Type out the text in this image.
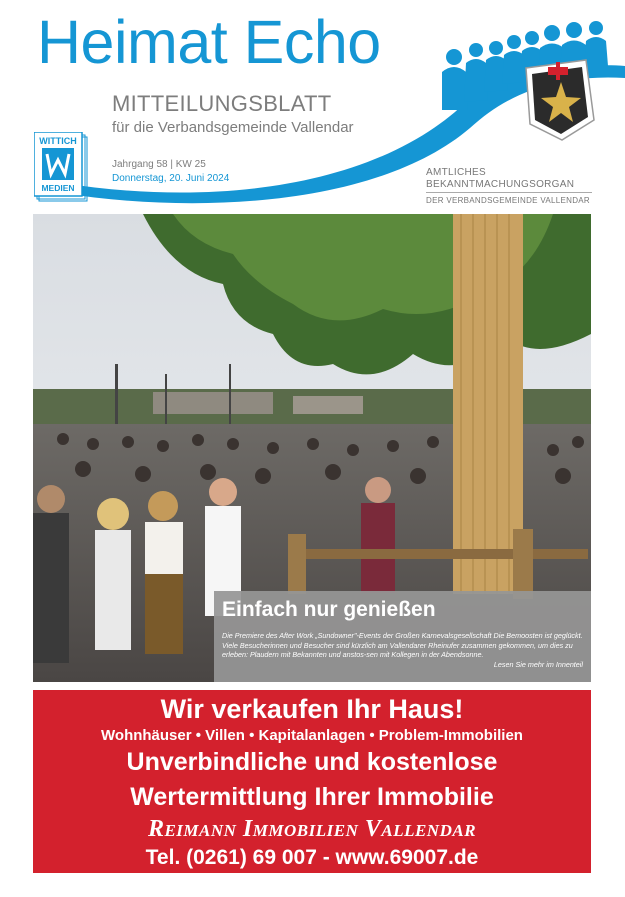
WITTICH
MEDIEN
Heimat Echo
MITTEILUNGSBLATT
für die Verbandsgemeinde Vallendar
Jahrgang 58 | KW 25
Donnerstag, 20. Juni 2024
AMTLICHES
BEKANNTMACHUNGSORGAN
DER VERBANDSGEMEINDE VALLENDAR
Einfach nur genießen
Die Premiere des After Work „Sundowner"-Events der Großen Karnevalsgesellschaft Die Bemoosten ist geglückt. Viele Besucherinnen und Besucher sind kürzlich am Vallendarer Rheinufer zusammen gekommen, um dies zu erleben: Plaudern mit Bekannten und anstos-sen mit Kollegen in der Abendsonne.
Lesen Sie mehr im Innenteil
Wir verkaufen Ihr Haus!
Wohnhäuser • Villen • Kapitalanlagen • Problem-Immobilien
Unverbindliche und kostenlose
Wertermittlung Ihrer Immobilie
Reimann Immobilien Vallendar
Tel. (0261) 69 007 - www.69007.de
